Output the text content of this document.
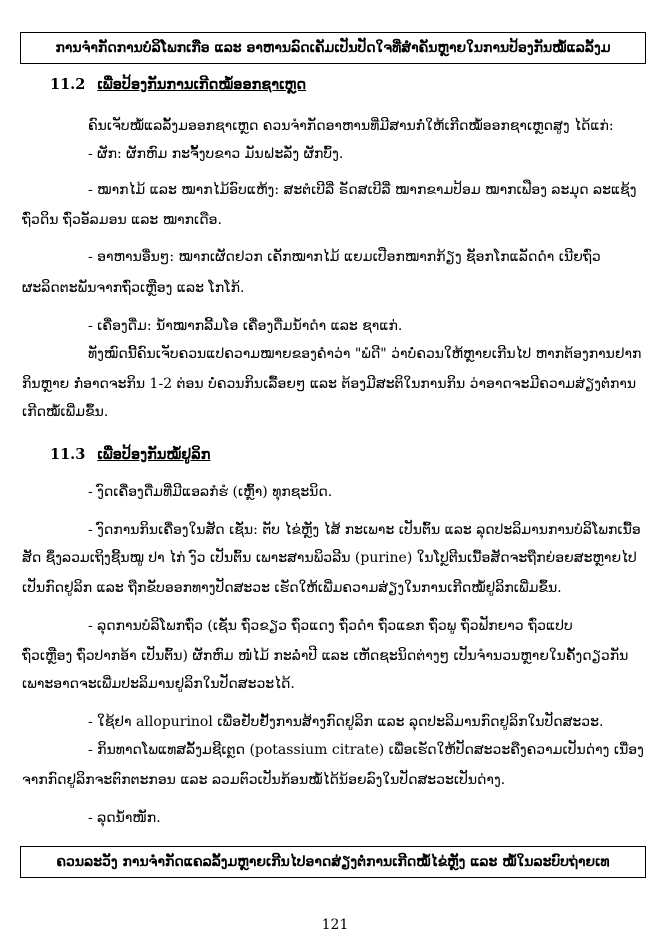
ການຈຳກັດການບໍລິໂພກເກືອ ແລະ ອາຫານລົດເຄັມເປັນປັດໃຈທີ່ສຳຄັນຫຼາຍໃນການປ້ອງກັນໝໍ້ແລລັ້ງມ
11.2 ເພື່ອປ້ອງກັນການເກີດໝໍ້ອອກຊາເຫຼດ
ຄົນເຈັບໝໍ້ແລລັ້ງມອອກຊາເຫຼດ ຄວນຈຳກັດອາຫານທີ່ມີສານກໍ່ໃຫ້ເກີດໝໍ້ອອກຊາເຫຼດສູງ ໄດ້ແກ່:
- ຜັກ: ຜັກຫົມ ກະຈັ້ງບຂາວ ມັນຝະລັ່ງ ຜັກບົ້ງ.
- ໝາກໄມ້ ແລະ ໝາກໄມ້ອົບແຫ້ງ: ສະຕໍເບີລີ່ ຣັດສເບີລີ່ ໝາກຂາມປ້ອມ ໝາກເຟືອງ ລະມຸດ ລະແຊ້ງ
ຖົ່ວດິນ ຖົ່ວອັລມອນ ແລະ ໝາກເດືອ.
- ອາຫານອື່ນໆ: ໝາກເຜັດຢວກ ເຄັກໝາກໄມ້ ແຍມເປືອກໝາກກ້ຽງ ຊັອກໂກແລັດດຳ ເນີຍຖົ່ວ
ຜະລິດຕະພັນຈາກຖົ່ວເຫຼືອງ ແລະ ໂກໂກ້.
- ເຄື່ອງດື່ມ: ນ້ຳໝາກລີ້ມໂອ ເຄື່ອງດື່ມນ້ຳດຳ ແລະ ຊາແກ່.
ທັງໝົດນີ້ຄົນເຈັບຄວນແປຄວາມໝາຍຂອງຄຳວ່າ "ພໍດີ" ວ່າບໍ່ຄວນໃຫ້ຫຼາຍເກີນໄປ ຫາກຕ້ອງການຢາກ
ກິນຫຼາຍ ກໍ່ອາດຈະກິນ 1-2 ຕ່ອນ ບໍ່ຄວນກິນເລື້ອຍໆ ແລະ ຕ້ອງມີສະຕິໃນການກິນ ວ່າອາດຈະມີຄວາມສ່ຽງຕໍ່ການ
ເກີດໝໍ້ເພີ່ມຂຶ້ນ.
11.3 ເພື່ອປ້ອງກັນໝໍ້ຢູລິກ
- ງົດເຄື່ອງດື່ມທີ່ມີແອລກໍຮໍ (ເຫຼົ້າ) ທຸກຊະນິດ.
- ງົດການກິນເຄື່ອງໃນສັດ ເຊັ່ນ: ຕັບ ໄຂ່ຫຼັງ ໄສ້ ກະເພາະ ເປັນຕົ້ນ ແລະ ລຸດປະລິມານການບໍລິໂພກເນື້ອ
ສັດ ຊຶ່ງລວມເຖິງຊີ້ນໝູ ປາ ໄກ່ ງົວ ເປັນຕົ້ນ ເພາະສານພິວລີນ (purine) ໃນໂປຼຕີນເນື້ອສັດຈະຖືກຍ່ອຍສະຫຼາຍໄປ
ເປັນກົດຢູລິກ ແລະ ຖືກຂັບອອກທາງປັດສະວະ ເຮັດໃຫ້ເພີ່ມຄວາມສ່ຽງໃນການເກີດໝໍ້ຢູລິກເພີ່ມຂຶ້ນ.
- ລຸດການບໍລິໂພກຖົ່ວ (ເຊັ່ນ ຖົ່ວຂຽວ ຖົ່ວແດງ ຖົ່ວດຳ ຖົ່ວແຂກ ຖົ່ວພູ ຖົ່ວຟັກຍາວ ຖົ່ວແປບ
ຖົ່ວເຫຼືອງ ຖົ່ວປາກອ້າ ເປັນຕົ້ນ) ຜັກຫົມ ໜໍ່ໄມ້ ກະລໍ່າປີ ແລະ ເຫັດຊະນິດຕ່າງໆ ເປັນຈຳນວນຫຼາຍໃນຄັ້ງດຽວກັນ
ເພາະອາດຈະເພີ່ມປະລິມານຢູລິກໃນປັດສະວະໄດ້.
- ໃຊ້ຢາ allopurinol ເພື່ອຢັບຢັ້ງການສ້າງກົດຢູລິກ ແລະ ລຸດປະລິມານກົດຢູລິກໃນປັດສະວະ.
- ກິນທາດໂພແທສລັ້ງມຊີເຕຼດ (potassium citrate) ເພື່ອເຮັດໃຫ້ປັດສະວະຄືງຄວາມເປັນດ່າງ ເນື່ອງ
ຈາກກົດຢູລິກຈະຕົກຕະກອນ ແລະ ລວມຕົວເປັນກ້ອນໝໍ້ໄດ້ນ້ອຍລົງໃນປັດສະວະເປັນດ່າງ.
- ລຸດນ້ຳໜັກ.
ຄວນລະວັງ ການຈຳກັດແຄລລັ້ງມຫຼາຍເກີນໄປອາດສ່ຽງຕໍ່ການເກີດໝໍ້ໄຂ່ຫຼັງ ແລະ ໝໍ້ໃນລະບົບຖ່າຍເທ
121
